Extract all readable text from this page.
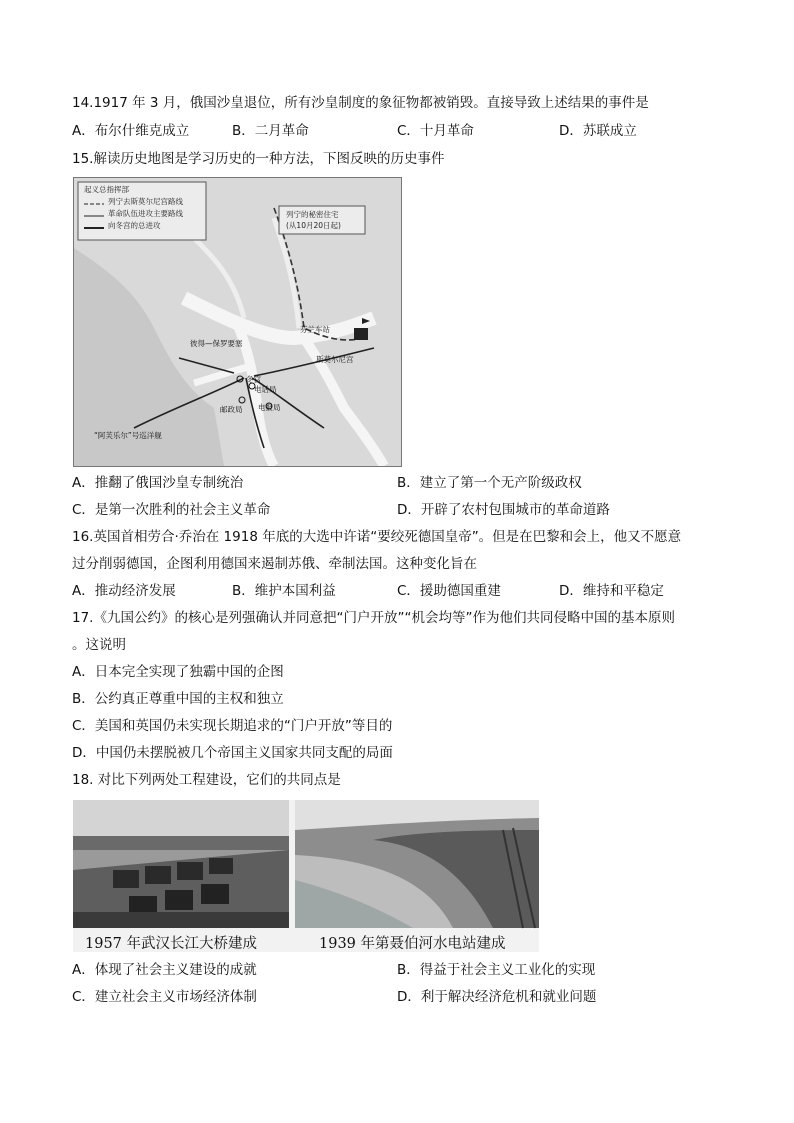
14.1917 年 3 月，俄国沙皇退位，所有沙皇制度的象征物都被销毁。直接导致上述结果的事件是
A．布尔什维克成立	B．二月革命	C．十月革命	D．苏联成立
15.解读历史地图是学习历史的一种方法，下图反映的历史事件
起义总指挥部
列宁去斯莫尔尼宫路线
革命队伍进攻主要路线
向冬宫的总进攻
列宁的秘密住宅
(从10月20日起)
芬兰车站
斯莫尔尼宫
彼得—保罗要塞
冬宫
电话局
邮政局 电报局
“阿芙乐尔”号巡洋舰
A．推翻了俄国沙皇专制统治	B．建立了第一个无产阶级政权
C．是第一次胜利的社会主义革命	D．开辟了农村包围城市的革命道路
16.英国首相劳合·乔治在 1918 年底的大选中许诺“要绞死德国皇帝”。但是在巴黎和会上，他又不愿意
过分削弱德国，企图利用德国来遏制苏俄、牵制法国。这种变化旨在
A．推动经济发展	B．维护本国利益	C．援助德国重建	D．维持和平稳定
17.《九国公约》的核心是列强确认并同意把“门户开放”“机会均等”作为他们共同侵略中国的基本原则
。这说明
A．日本完全实现了独霸中国的企图
B．公约真正尊重中国的主权和独立
C．美国和英国仍未实现长期追求的“门户开放”等目的
D．中国仍未摆脱被几个帝国主义国家共同支配的局面
18. 对比下列两处工程建设，它们的共同点是
1957 年武汉长江大桥建成	1939 年第聂伯河水电站建成
A．体现了社会主义建设的成就	B．得益于社会主义工业化的实现
C．建立社会主义市场经济体制	D．利于解决经济危机和就业问题
